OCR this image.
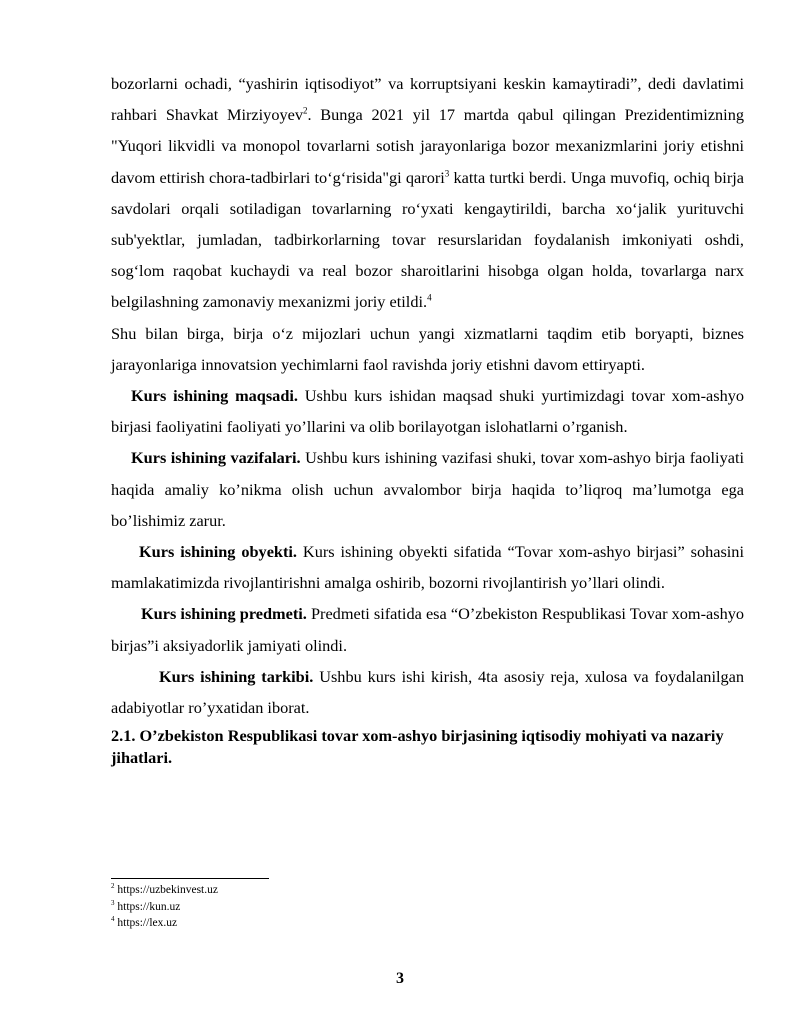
bozorlarni ochadi, “yashirin iqtisodiyot” va korruptsiyani keskin kamaytiradi”, dedi davlatimi rahbari Shavkat Mirziyoyev$^2$. Bunga 2021 yil 17 martda qabul qilingan Prezidentimizning "Yuqori likvidli va monopol tovarlarni sotish jarayonlariga bozor mexanizmlarini joriy etishni davom ettirish chora-tadbirlari to‘g‘risida"gi qarori$^3$ katta turtki berdi. Unga muvofiq, ochiq birja savdolari orqali sotiladigan tovarlarning ro‘yxati kengaytirildi, barcha xo‘jalik yurituvchi sub'yektlar, jumladan, tadbirkorlarning tovar resurslaridan foydalanish imkoniyati oshdi, sog‘lom raqobat kuchaydi va real bozor sharoitlarini hisobga olgan holda, tovarlarga narx belgilashning zamonaviy mexanizmi joriy etildi.$^4$

Shu bilan birga, birja o‘z mijozlari uchun yangi xizmatlarni taqdim etib boryapti, biznes jarayonlariga innovatsion yechimlarni faol ravishda joriy etishni davom ettiryapti.

Kurs ishining maqsadi. Ushbu kurs ishidan maqsad shuki yurtimizdagi tovar xom-ashyo birjasi faoliyatini faoliyati yo’llarini va olib borilayotgan islohatlarni o’rganish.

Kurs ishining vazifalari. Ushbu kurs ishining vazifasi shuki, tovar xom-ashyo birja faoliyati haqida amaliy ko’nikma olish uchun avvalombor birja haqida to’liqroq ma’lumotga ega bo’lishimiz zarur.

Kurs ishining obyekti. Kurs ishining obyekti sifatida “Tovar xom-ashyo birjasi” sohasini mamlakatimizda rivojlantirishni amalga oshirib, bozorni rivojlantirish yo’llari olindi.

Kurs ishining predmeti. Predmeti sifatida esa “O’zbekiston Respublikasi Tovar xom-ashyo birjas”i aksiyadorlik jamiyati olindi.

Kurs ishining tarkibi. Ushbu kurs ishi kirish, 4ta asosiy reja, xulosa va foydalanilgan adabiyotlar ro’yxatidan iborat.

2.1. O’zbekiston Respublikasi tovar xom-ashyo birjasining iqtisodiy mohiyati va nazariy jihatlari.
$^2$ https://uzbekinvest.uz
$^3$ https://kun.uz
$^4$ https://lex.uz
3
